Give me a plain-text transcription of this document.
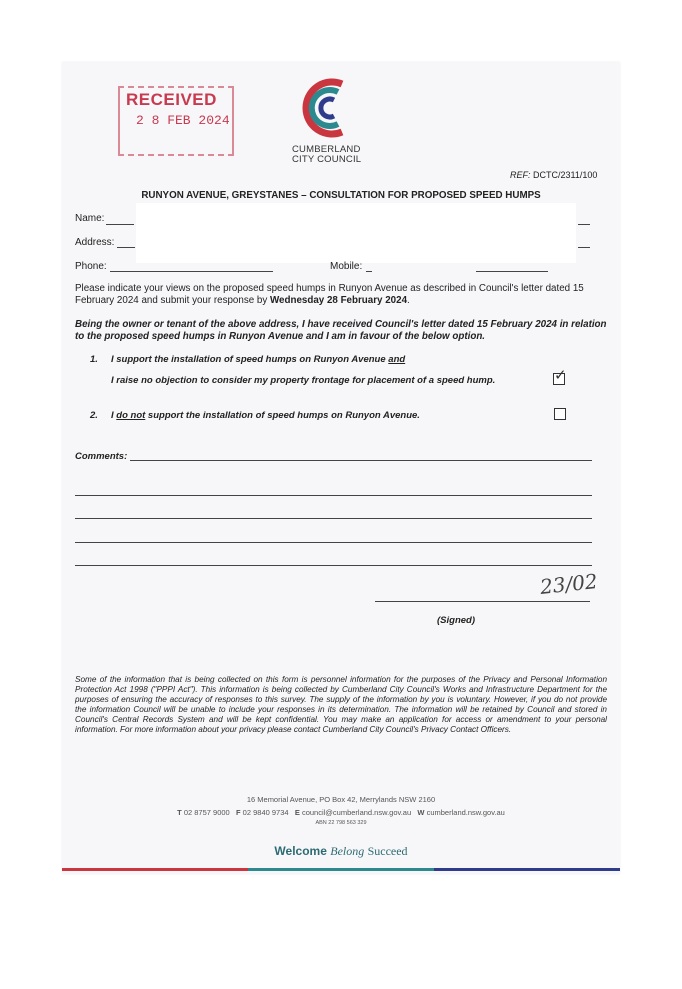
RECEIVED
2 8 FEB 2024
CUMBERLAND
CITY COUNCIL
REF: DCTC/2311/100
RUNYON AVENUE, GREYSTANES – CONSULTATION FOR PROPOSED SPEED HUMPS
Name:
Address:
Phone:	Mobile:
Please indicate your views on the proposed speed humps in Runyon Avenue as described in Council's letter dated 15 February 2024 and submit your response by Wednesday 28 February 2024.
Being the owner or tenant of the above address, I have received Council's letter dated 15 February 2024 in relation to the proposed speed humps in Runyon Avenue and I am in favour of the below option.
1. I support the installation of speed humps on Runyon Avenue and
I raise no objection to consider my property frontage for placement of a speed hump.	✓
2. I do not support the installation of speed humps on Runyon Avenue.
Comments:
23/02
(Signed)
Some of the information that is being collected on this form is personnel information for the purposes of the Privacy and Personal Information Protection Act 1998 ("PPPI Act"). This information is being collected by Cumberland City Council's Works and Infrastructure Department for the purposes of ensuring the accuracy of responses to this survey. The supply of the information by you is voluntary. However, if you do not provide the information Council will be unable to include your responses in its determination. The information will be retained by Council and stored in Council's Central Records System and will be kept confidential. You may make an application for access or amendment to your personal information. For more information about your privacy please contact Cumberland City Council's Privacy Contact Officers.
16 Memorial Avenue, PO Box 42, Merrylands NSW 2160
T 02 8757 9000 F 02 9840 9734 E council@cumberland.nsw.gov.au W cumberland.nsw.gov.au
ABN 22 798 563 329
Welcome Belong Succeed
